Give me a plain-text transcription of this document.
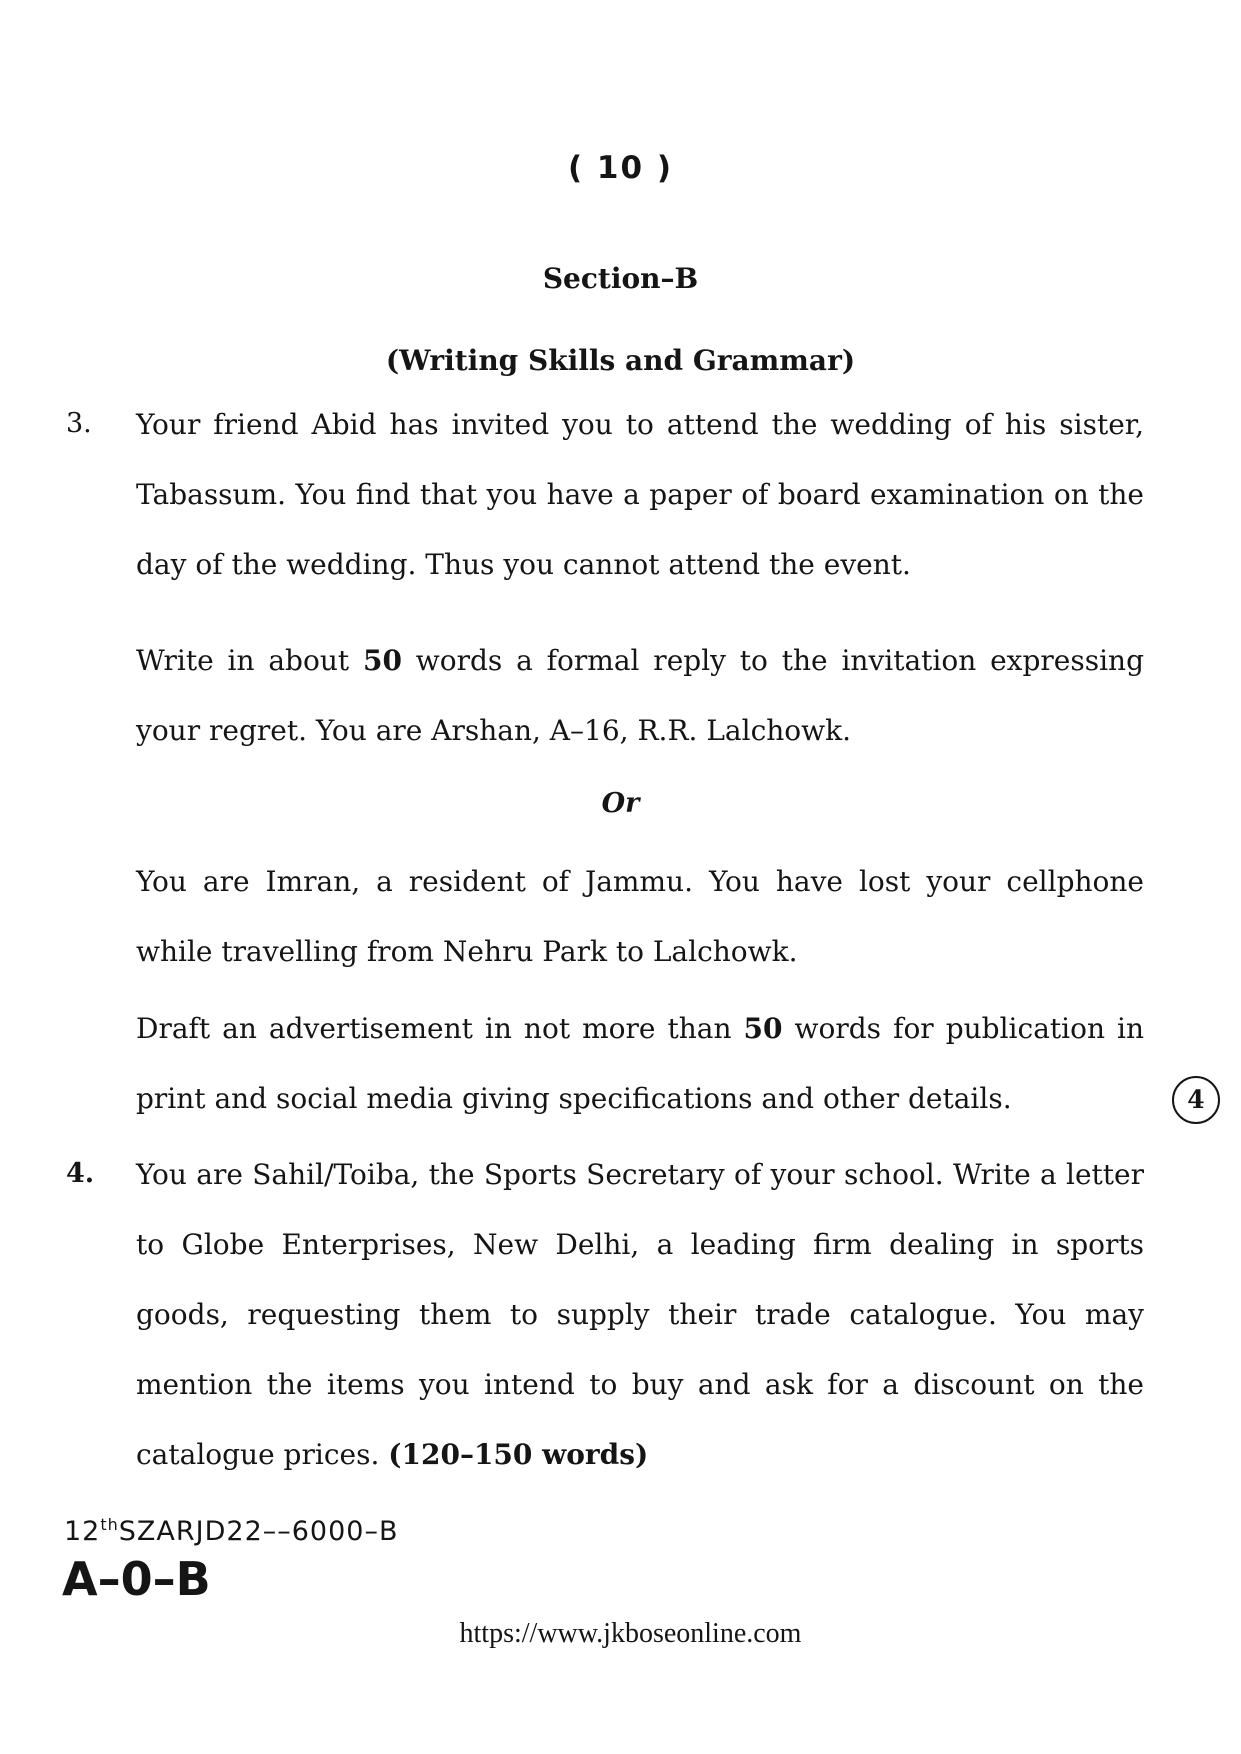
( 10 )
Section–B
(Writing Skills and Grammar)
3. Your friend Abid has invited you to attend the wedding of his sister, Tabassum. You find that you have a paper of board examination on the day of the wedding. Thus you cannot attend the event.

Write in about 50 words a formal reply to the invitation expressing your regret. You are Arshan, A–16, R.R. Lalchowk.

Or

You are Imran, a resident of Jammu. You have lost your cellphone while travelling from Nehru Park to Lalchowk.

Draft an advertisement in not more than 50 words for publication in print and social media giving specifications and other details.	4
4. You are Sahil/Toiba, the Sports Secretary of your school. Write a letter to Globe Enterprises, New Delhi, a leading firm dealing in sports goods, requesting them to supply their trade catalogue. You may mention the items you intend to buy and ask for a discount on the catalogue prices. (120–150 words)

12thSZARJD22––6000–B
A–0–B
https://www.jkboseonline.com
